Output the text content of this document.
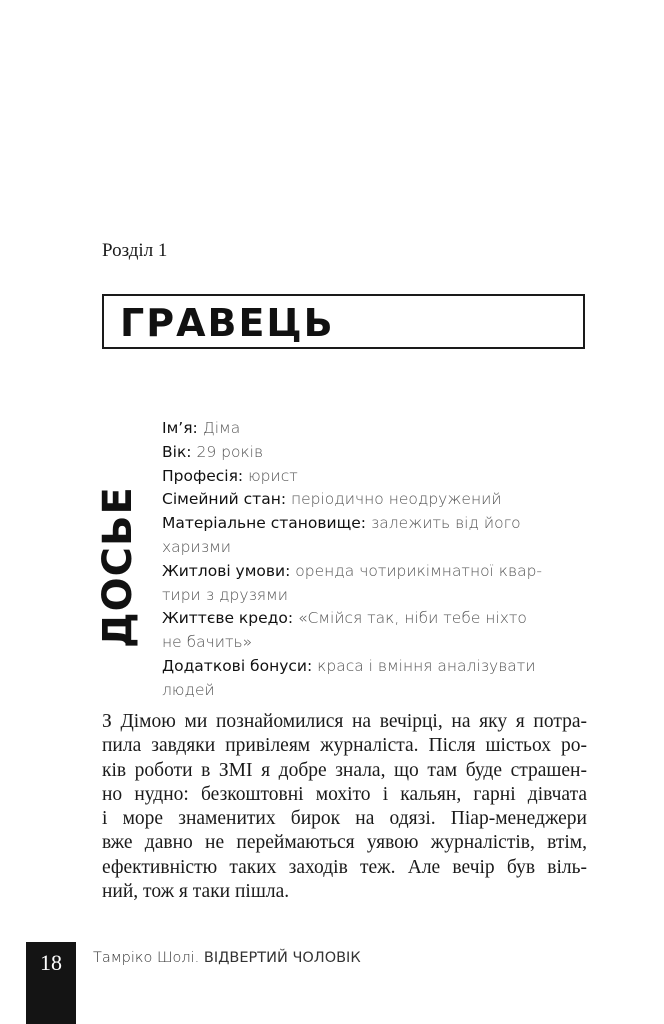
Розділ 1
ГРАВЕЦЬ
ДОСЬЕ
Ім’я: Діма
Вік: 29 років
Професія: юрист
Сімейний стан: періодично неодружений
Матеріальне становище: залежить від його
харизми
Житлові умови: оренда чотирикімнатної квар-
тири з друзями
Життєве кредо: «Смійся так, ніби тебе ніхто
не бачить»
Додаткові бонуси: краса і вміння аналізувати
людей
З Дімою ми познайомилися на вечірці, на яку я потра-
пила завдяки привілеям журналіста. Після шістьох ро-
ків роботи в ЗМІ я добре знала, що там буде страшен-
но нудно: безкоштовні мохіто і кальян, гарні дівчата
і море знаменитих бирок на одязі. Піар-менеджери
вже давно не переймаються уявою журналістів, втім,
ефективністю таких заходів теж. Але вечір був віль-
ний, тож я таки пішла.
18	Тамріко Шолі. ВІДВЕРТИЙ ЧОЛОВІК
